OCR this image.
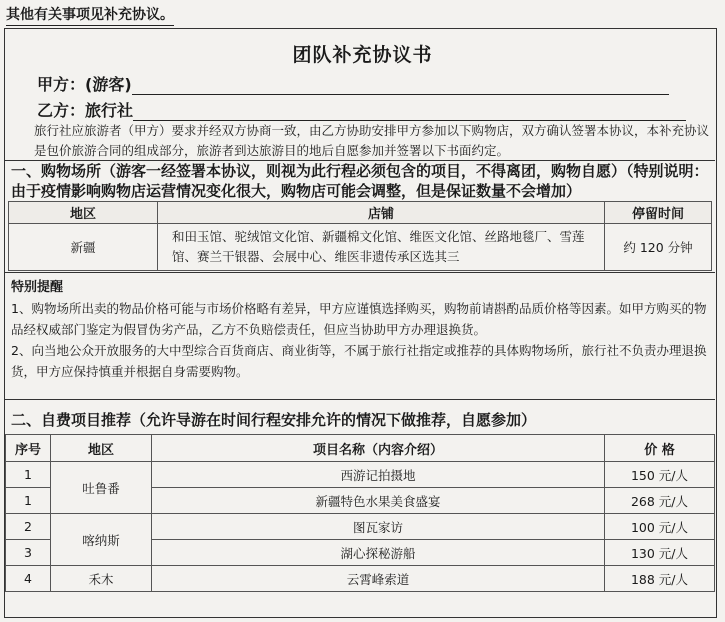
其他有关事项见补充协议。
团队补充协议书
甲方：(游客)
乙方：旅行社
旅行社应旅游者（甲方）要求并经双方协商一致，由乙方协助安排甲方参加以下购物店，双方确认签署本协议，本补充协议是包价旅游合同的组成部分，旅游者到达旅游目的地后自愿参加并签署以下书面约定。
一、购物场所（游客一经签署本协议，则视为此行程必须包含的项目，不得离团，购物自愿）（特别说明：由于疫情影响购物店运营情况变化很大，购物店可能会调整，但是保证数量不会增加）
地区	店铺	停留时间
新疆	和田玉馆、驼绒馆文化馆、新疆棉文化馆、维医文化馆、丝路地毯厂、雪莲馆、赛兰干银器、会展中心、维医非遗传承区选其三	约 120 分钟
特别提醒
1、购物场所出卖的物品价格可能与市场价格略有差异，甲方应谨慎选择购买，购物前请斟酌品质价格等因素。如甲方购买的物品经权威部门鉴定为假冒伪劣产品，乙方不负赔偿责任，但应当协助甲方办理退换货。
2、向当地公众开放服务的大中型综合百货商店、商业街等，不属于旅行社指定或推荐的具体购物场所，旅行社不负责办理退换货，甲方应保持慎重并根据自身需要购物。
二、自费项目推荐（允许导游在时间行程安排允许的情况下做推荐，自愿参加）
序号	地区	项目名称（内容介绍）	价 格
1	吐鲁番	西游记拍摄地	150 元/人
1		新疆特色水果美食盛宴	268 元/人
2	喀纳斯	图瓦家访	100 元/人
3		湖心探秘游船	130 元/人
4	禾木	云霄峰索道	188 元/人
